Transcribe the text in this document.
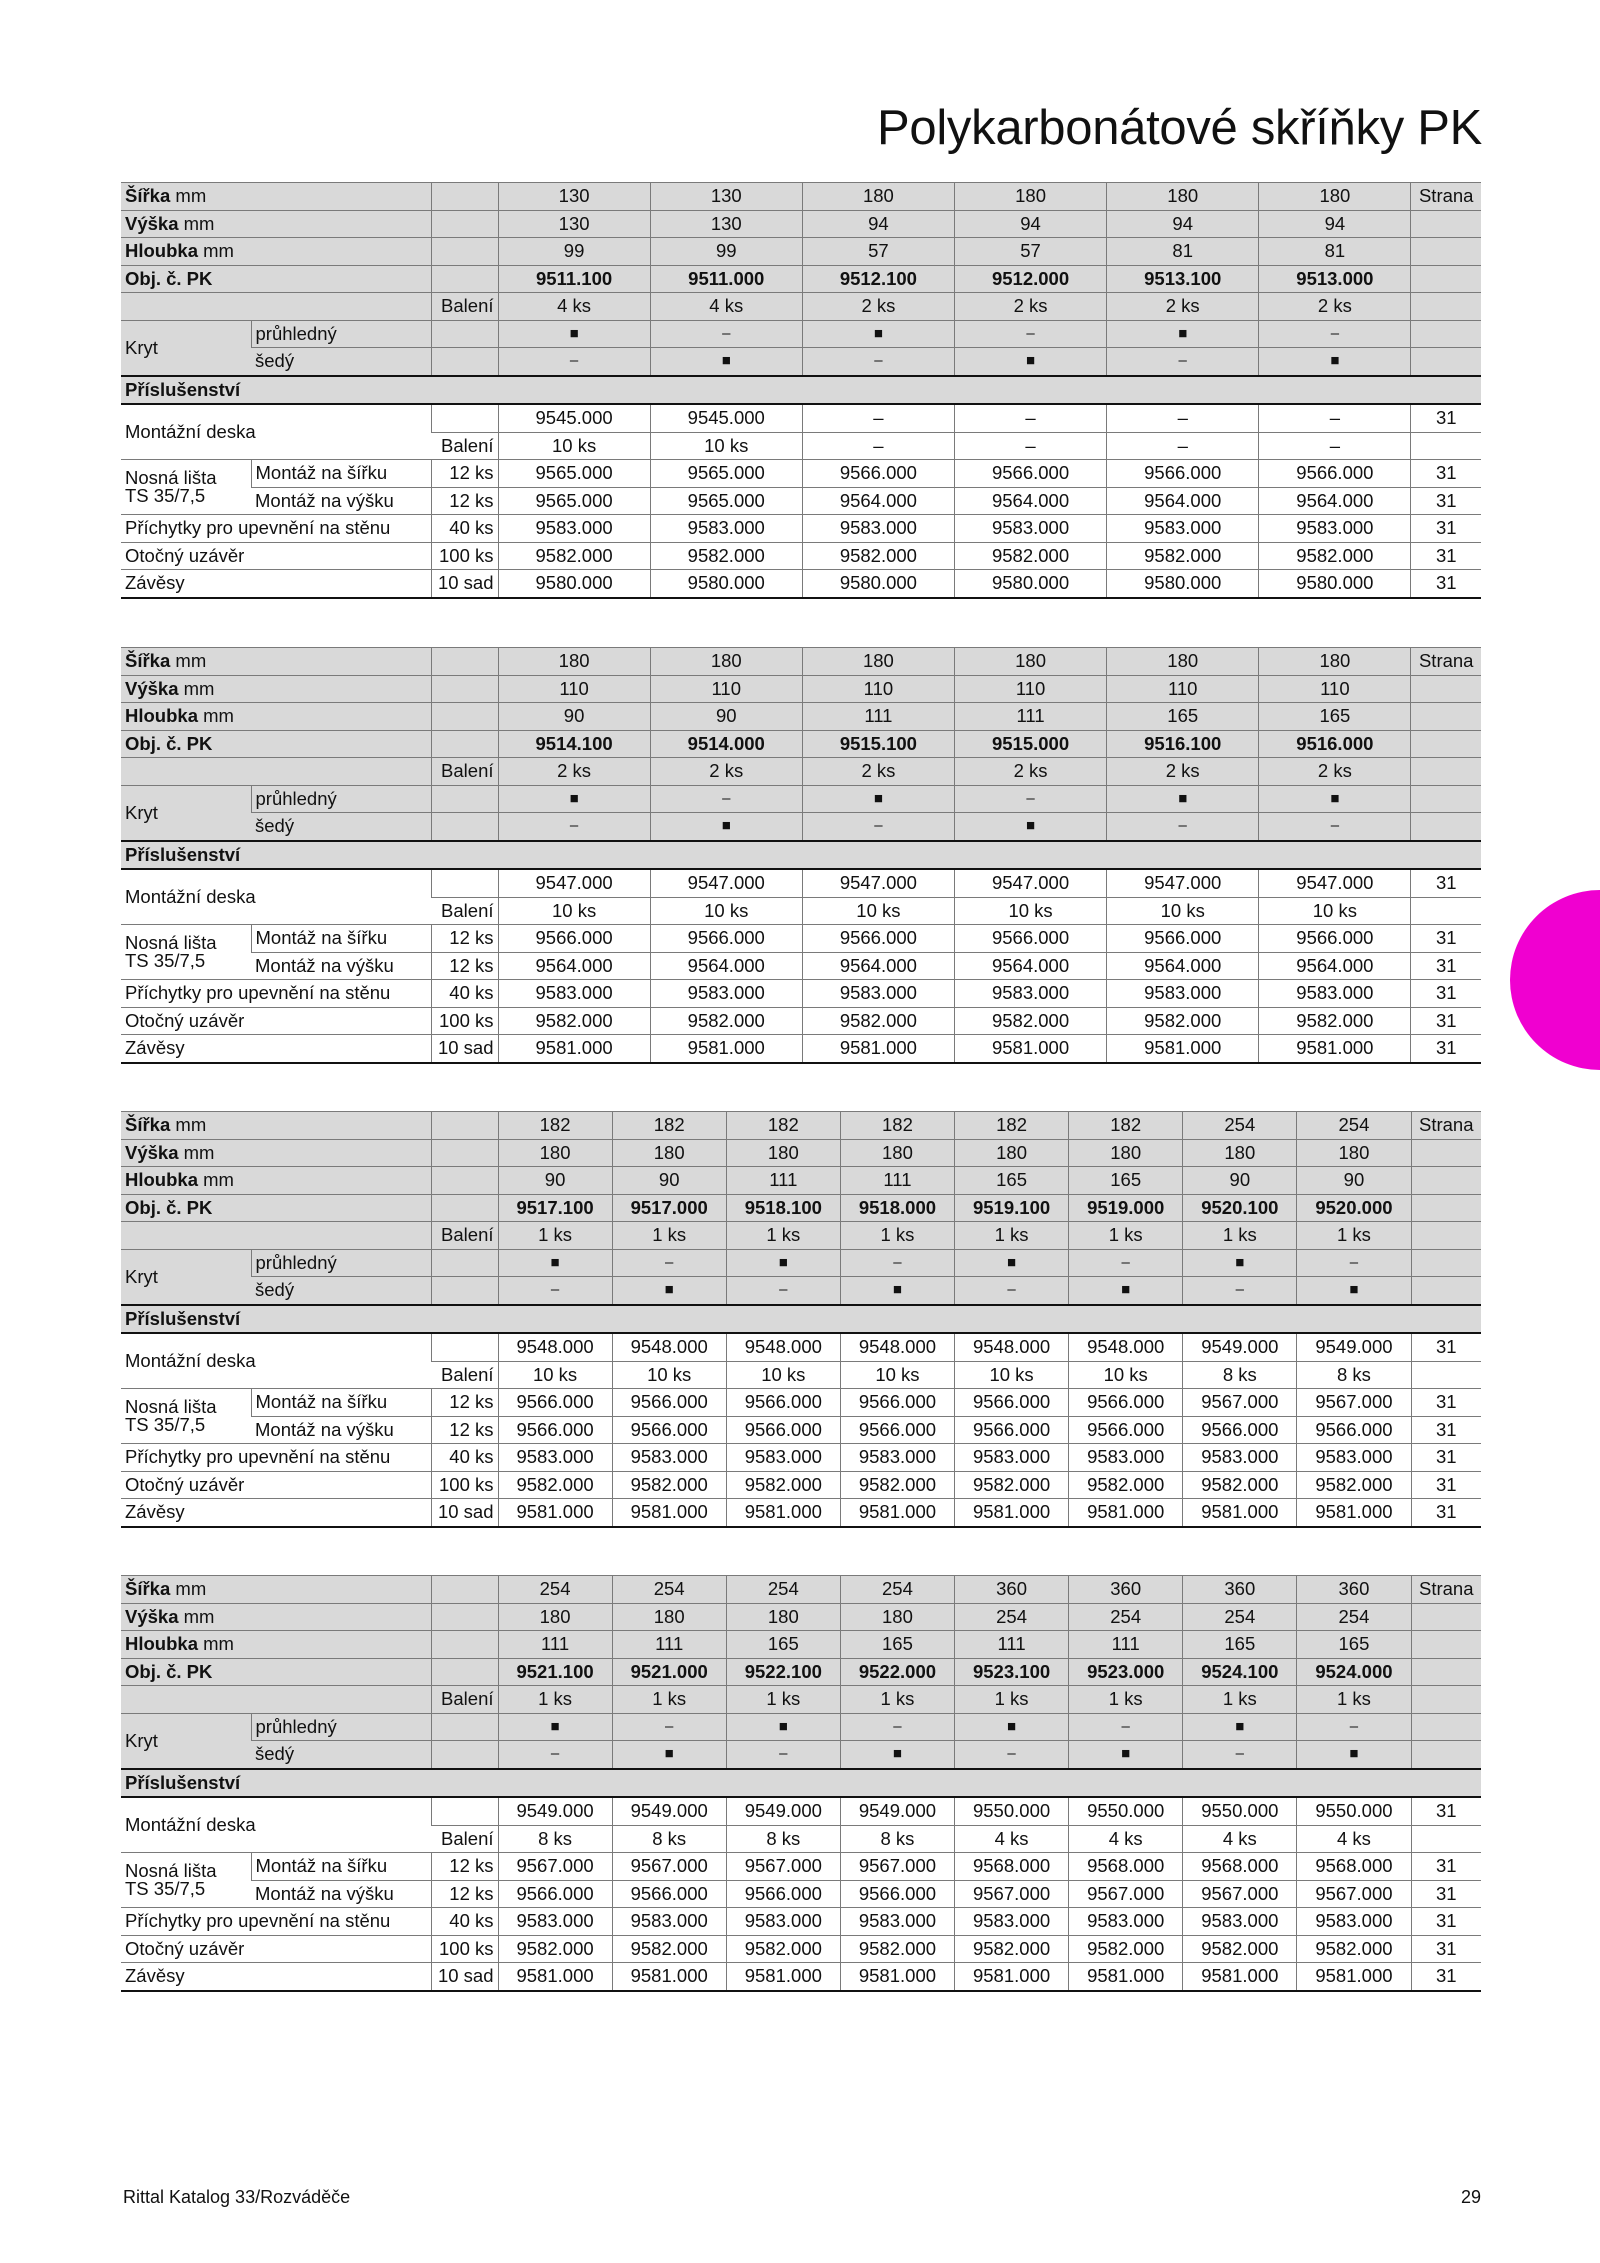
Polykarbonátové skříňky PK
Šířka mm			130	130	180	180	180	180	Strana
Výška mm			130	130	94	94	94	94	
Hloubka mm			99	99	57	57	81	81	
Obj. č. PK			9511.100	9511.000	9512.100	9512.000	9513.100	9513.000	
		Balení	4 ks	4 ks	2 ks	2 ks	2 ks	2 ks	
Kryt	průhledný		■	–	■	–	■	–	
	šedý		–	■	–	■	–	■	
Příslušenství									
Montážní deska			9545.000	9545.000	–	–	–	–	31
		Balení	10 ks	10 ks	–	–	–	–	
Nosná lišta
TS 35/7,5	Montáž na šířku	12 ks	9565.000	9565.000	9566.000	9566.000	9566.000	9566.000	31
	Montáž na výšku	12 ks	9565.000	9565.000	9564.000	9564.000	9564.000	9564.000	31
Příchytky pro upevnění na stěnu		40 ks	9583.000	9583.000	9583.000	9583.000	9583.000	9583.000	31
Otočný uzávěr		100 ks	9582.000	9582.000	9582.000	9582.000	9582.000	9582.000	31
Závěsy		10 sad	9580.000	9580.000	9580.000	9580.000	9580.000	9580.000	31
Šířka mm			180	180	180	180	180	180	Strana
Výška mm			110	110	110	110	110	110	
Hloubka mm			90	90	111	111	165	165	
Obj. č. PK			9514.100	9514.000	9515.100	9515.000	9516.100	9516.000	
		Balení	2 ks	2 ks	2 ks	2 ks	2 ks	2 ks	
Kryt	průhledný		■	–	■	–	■	■	
	šedý		–	■	–	■	–	–	
Příslušenství									
Montážní deska			9547.000	9547.000	9547.000	9547.000	9547.000	9547.000	31
		Balení	10 ks	10 ks	10 ks	10 ks	10 ks	10 ks	
Nosná lišta
TS 35/7,5	Montáž na šířku	12 ks	9566.000	9566.000	9566.000	9566.000	9566.000	9566.000	31
	Montáž na výšku	12 ks	9564.000	9564.000	9564.000	9564.000	9564.000	9564.000	31
Příchytky pro upevnění na stěnu		40 ks	9583.000	9583.000	9583.000	9583.000	9583.000	9583.000	31
Otočný uzávěr		100 ks	9582.000	9582.000	9582.000	9582.000	9582.000	9582.000	31
Závěsy		10 sad	9581.000	9581.000	9581.000	9581.000	9581.000	9581.000	31
Šířka mm			182	182	182	182	182	182	254	254	Strana
Výška mm			180	180	180	180	180	180	180	180	
Hloubka mm			90	90	111	111	165	165	90	90	
Obj. č. PK			9517.100	9517.000	9518.100	9518.000	9519.100	9519.000	9520.100	9520.000	
		Balení	1 ks	1 ks	1 ks	1 ks	1 ks	1 ks	1 ks	1 ks	
Kryt	průhledný		■	–	■	–	■	–	■	–	
	šedý		–	■	–	■	–	■	–	■	
Příslušenství											
Montážní deska			9548.000	9548.000	9548.000	9548.000	9548.000	9548.000	9549.000	9549.000	31
		Balení	10 ks	10 ks	10 ks	10 ks	10 ks	10 ks	8 ks	8 ks	
Nosná lišta
TS 35/7,5	Montáž na šířku	12 ks	9566.000	9566.000	9566.000	9566.000	9566.000	9566.000	9567.000	9567.000	31
	Montáž na výšku	12 ks	9566.000	9566.000	9566.000	9566.000	9566.000	9566.000	9566.000	9566.000	31
Příchytky pro upevnění na stěnu		40 ks	9583.000	9583.000	9583.000	9583.000	9583.000	9583.000	9583.000	9583.000	31
Otočný uzávěr		100 ks	9582.000	9582.000	9582.000	9582.000	9582.000	9582.000	9582.000	9582.000	31
Závěsy		10 sad	9581.000	9581.000	9581.000	9581.000	9581.000	9581.000	9581.000	9581.000	31
Šířka mm			254	254	254	254	360	360	360	360	Strana
Výška mm			180	180	180	180	254	254	254	254	
Hloubka mm			111	111	165	165	111	111	165	165	
Obj. č. PK			9521.100	9521.000	9522.100	9522.000	9523.100	9523.000	9524.100	9524.000	
		Balení	1 ks	1 ks	1 ks	1 ks	1 ks	1 ks	1 ks	1 ks	
Kryt	průhledný		■	–	■	–	■	–	■	–	
	šedý		–	■	–	■	–	■	–	■	
Příslušenství											
Montážní deska			9549.000	9549.000	9549.000	9549.000	9550.000	9550.000	9550.000	9550.000	31
		Balení	8 ks	8 ks	8 ks	8 ks	4 ks	4 ks	4 ks	4 ks	
Nosná lišta
TS 35/7,5	Montáž na šířku	12 ks	9567.000	9567.000	9567.000	9567.000	9568.000	9568.000	9568.000	9568.000	31
	Montáž na výšku	12 ks	9566.000	9566.000	9566.000	9566.000	9567.000	9567.000	9567.000	9567.000	31
Příchytky pro upevnění na stěnu		40 ks	9583.000	9583.000	9583.000	9583.000	9583.000	9583.000	9583.000	9583.000	31
Otočný uzávěr		100 ks	9582.000	9582.000	9582.000	9582.000	9582.000	9582.000	9582.000	9582.000	31
Závěsy		10 sad	9581.000	9581.000	9581.000	9581.000	9581.000	9581.000	9581.000	9581.000	31
Rittal Katalog 33/Rozváděče	29
